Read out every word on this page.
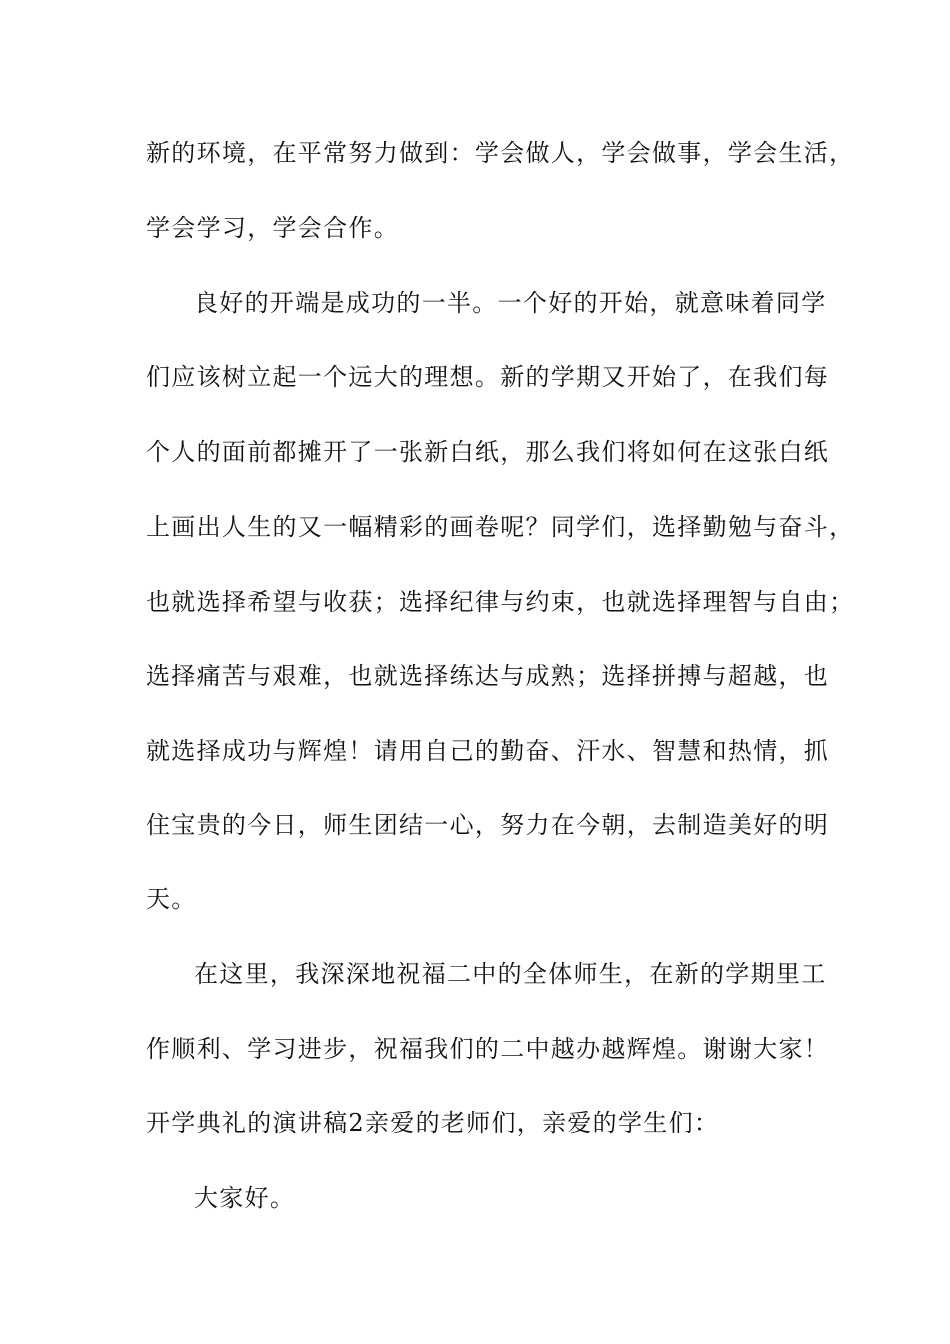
新的环境，在平常努力做到：学会做人，学会做事，学会生活，
学会学习，学会合作。
良好的开端是成功的一半。一个好的开始，就意味着同学
们应该树立起一个远大的理想。新的学期又开始了，在我们每
个人的面前都摊开了一张新白纸，那么我们将如何在这张白纸
上画出人生的又一幅精彩的画卷呢？同学们，选择勤勉与奋斗，
也就选择希望与收获；选择纪律与约束，也就选择理智与自由；
选择痛苦与艰难，也就选择练达与成熟；选择拼搏与超越，也
就选择成功与辉煌！请用自己的勤奋、汗水、智慧和热情，抓
住宝贵的今日，师生团结一心，努力在今朝，去制造美好的明
天。
在这里，我深深地祝福二中的全体师生，在新的学期里工
作顺利、学习进步，祝福我们的二中越办越辉煌。谢谢大家！
开学典礼的演讲稿2亲爱的老师们，亲爱的学生们：
大家好。
